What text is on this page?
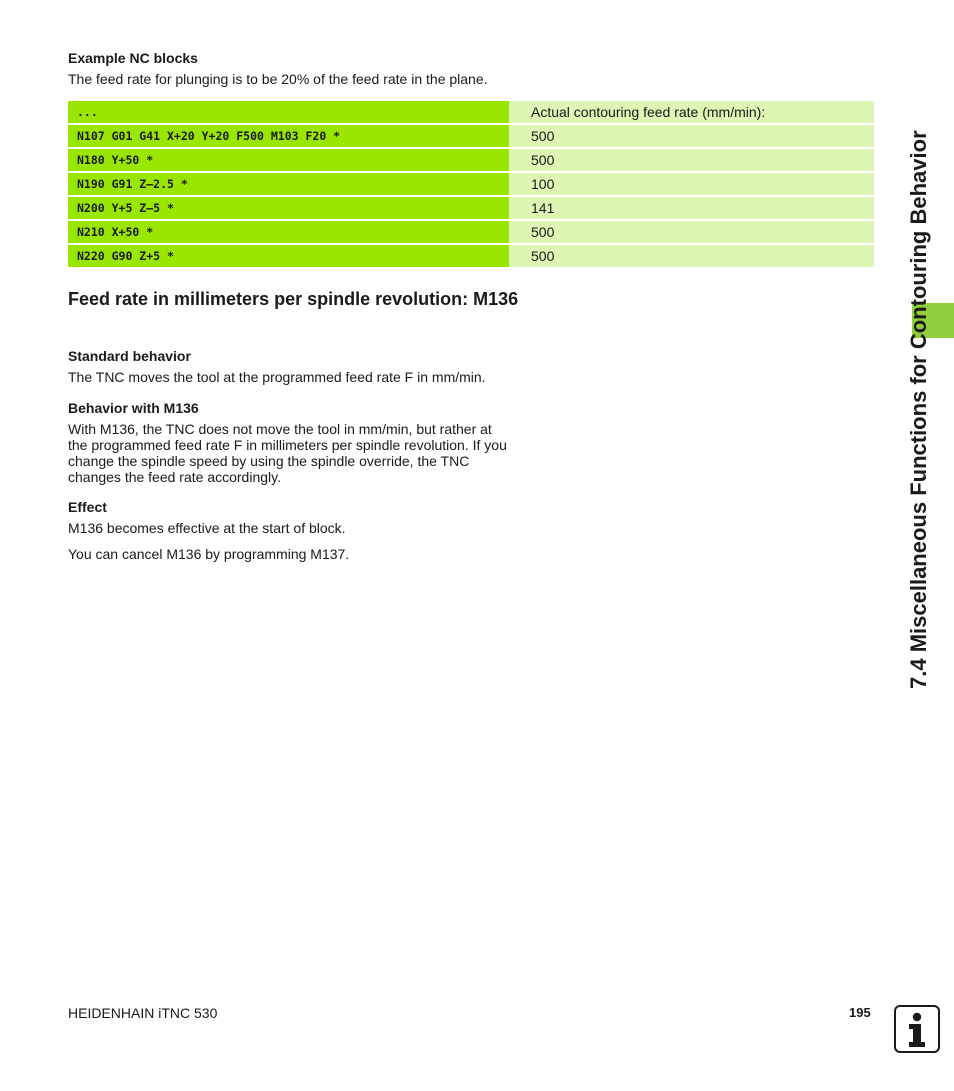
Example NC blocks

The feed rate for plunging is to be 20% of the feed rate in the plane.

...	Actual contouring feed rate (mm/min):
N107 G01 G41 X+20 Y+20 F500 M103 F20 *	500
N180 Y+50 *	500
N190 G91 Z–2.5 *	100
N200 Y+5 Z–5 *	141
N210 X+50 *	500
N220 G90 Z+5 *	500
Feed rate in millimeters per spindle revolution: M136

Standard behavior

The TNC moves the tool at the programmed feed rate F in mm/min.

Behavior with M136

With M136, the TNC does not move the tool in mm/min, but rather at the programmed feed rate F in millimeters per spindle revolution. If you change the spindle speed by using the spindle override, the TNC changes the feed rate accordingly.

Effect

M136 becomes effective at the start of block.

You can cancel M136 by programming M137.	7.4 Miscellaneous Functions for Contouring Behavior

HEIDENHAIN iTNC 530	195
